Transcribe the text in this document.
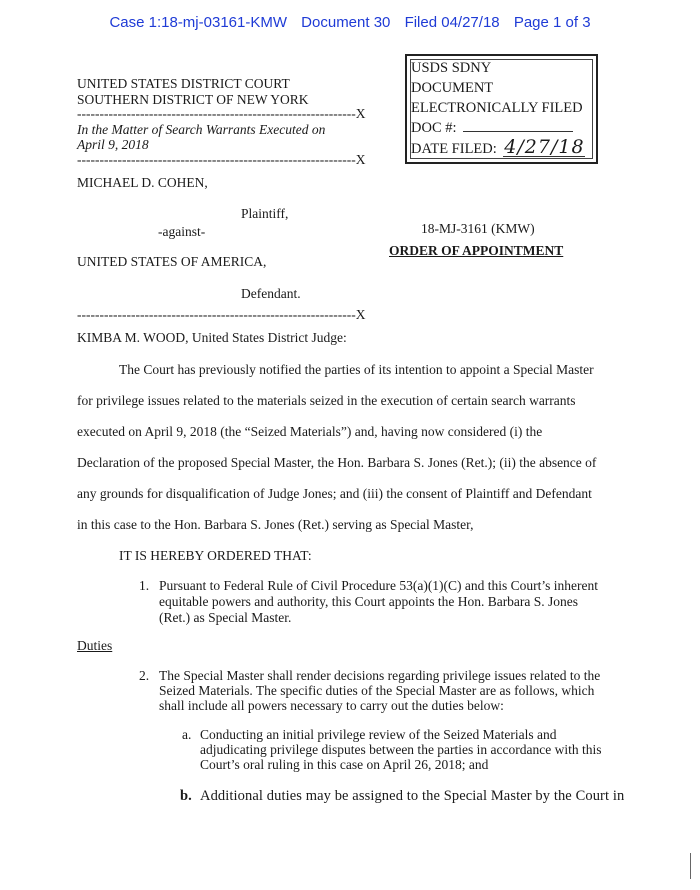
Case 1:18-mj-03161-KMW Document 30 Filed 04/27/18 Page 1 of 3
USDS SDNY
DOCUMENT
ELECTRONICALLY FILED
DOC #:
DATE FILED: 4/27/18
UNITED STATES DISTRICT COURT
SOUTHERN DISTRICT OF NEW YORK
--------------------------------------------------------------X
In the Matter of Search Warrants Executed on
April 9, 2018
--------------------------------------------------------------X
MICHAEL D. COHEN,
Plaintiff,
-against-
UNITED STATES OF AMERICA,
Defendant.
--------------------------------------------------------------X
18-MJ-3161 (KMW)
ORDER OF APPOINTMENT
KIMBA M. WOOD, United States District Judge:
The Court has previously notified the parties of its intention to appoint a Special Master
for privilege issues related to the materials seized in the execution of certain search warrants
executed on April 9, 2018 (the “Seized Materials”) and, having now considered (i) the
Declaration of the proposed Special Master, the Hon. Barbara S. Jones (Ret.); (ii) the absence of
any grounds for disqualification of Judge Jones; and (iii) the consent of Plaintiff and Defendant
in this case to the Hon. Barbara S. Jones (Ret.) serving as Special Master,
IT IS HEREBY ORDERED THAT:
1. Pursuant to Federal Rule of Civil Procedure 53(a)(1)(C) and this Court’s inherent
equitable powers and authority, this Court appoints the Hon. Barbara S. Jones
(Ret.) as Special Master.
Duties
2. The Special Master shall render decisions regarding privilege issues related to the
Seized Materials. The specific duties of the Special Master are as follows, which
shall include all powers necessary to carry out the duties below:
a. Conducting an initial privilege review of the Seized Materials and
adjudicating privilege disputes between the parties in accordance with this
Court’s oral ruling in this case on April 26, 2018; and
b. Additional duties may be assigned to the Special Master by the Court in
